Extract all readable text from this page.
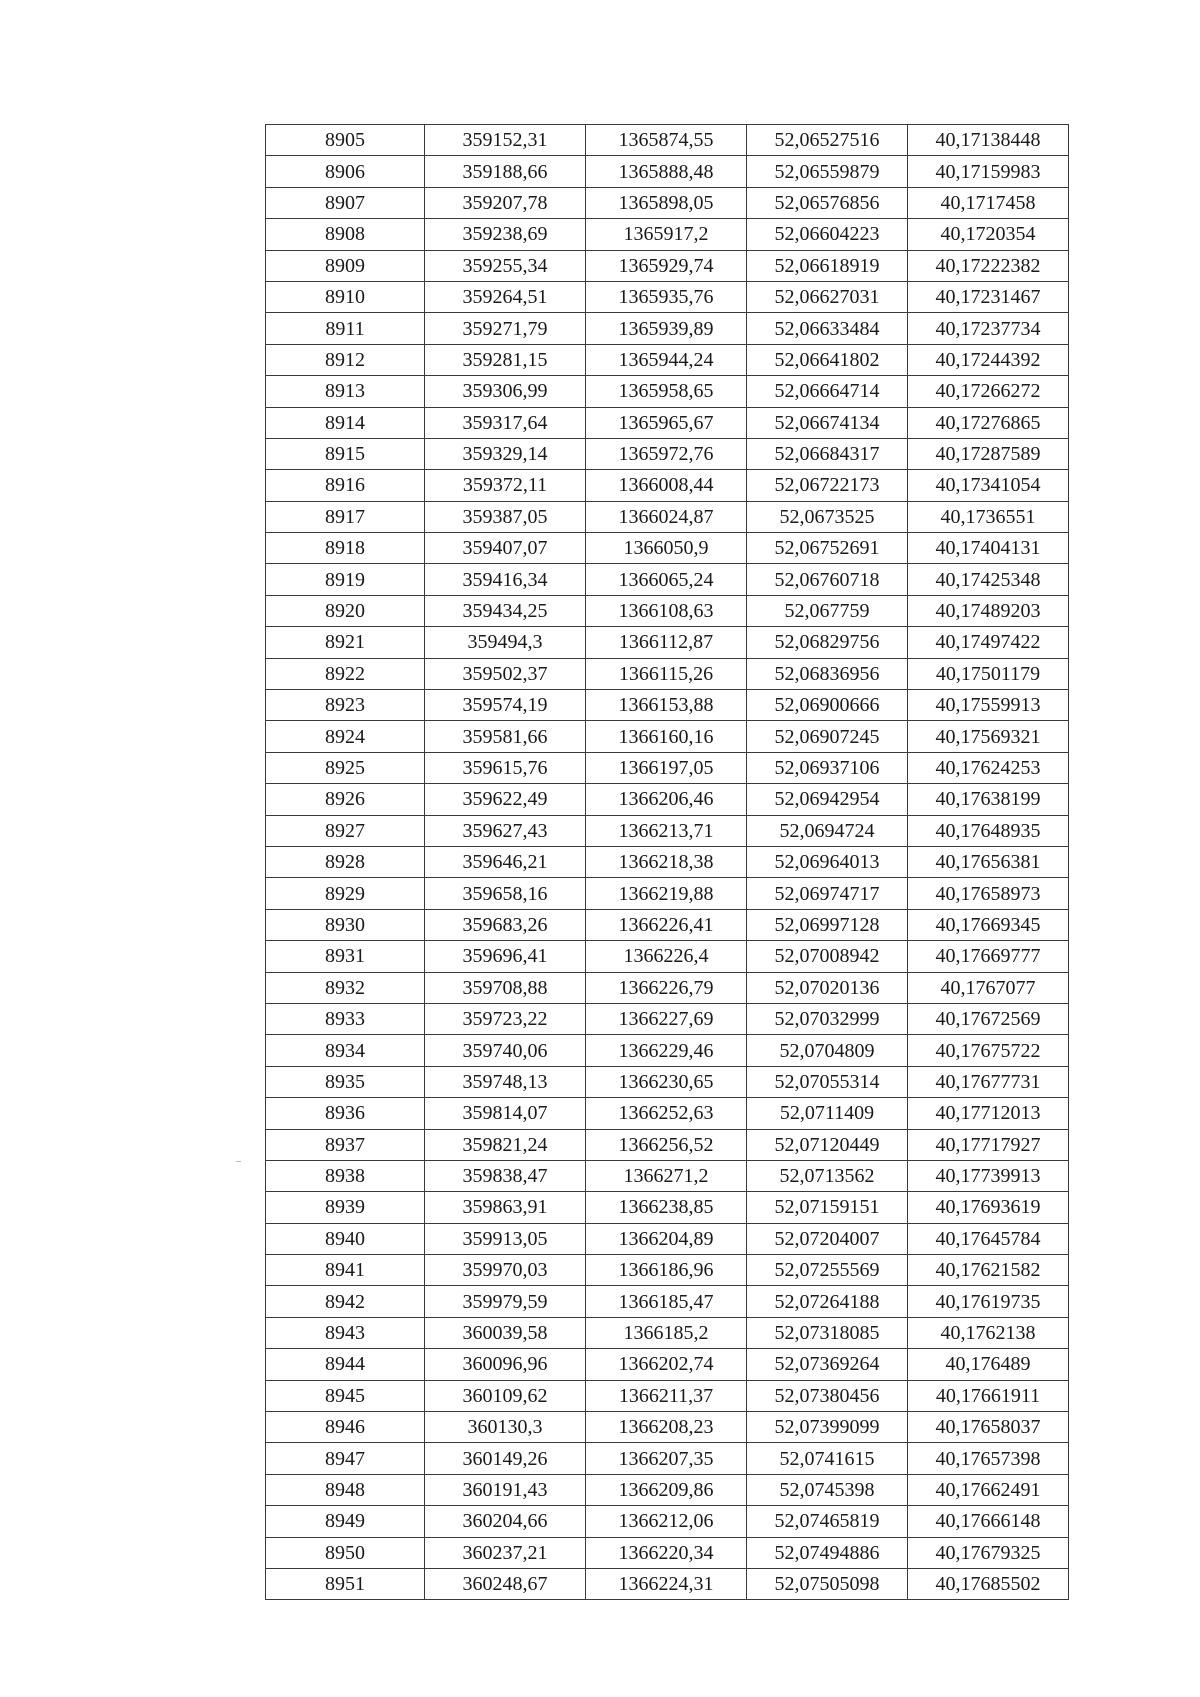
8905	359152,31	1365874,55	52,06527516	40,17138448
8906	359188,66	1365888,48	52,06559879	40,17159983
8907	359207,78	1365898,05	52,06576856	40,1717458
8908	359238,69	1365917,2	52,06604223	40,1720354
8909	359255,34	1365929,74	52,06618919	40,17222382
8910	359264,51	1365935,76	52,06627031	40,17231467
8911	359271,79	1365939,89	52,06633484	40,17237734
8912	359281,15	1365944,24	52,06641802	40,17244392
8913	359306,99	1365958,65	52,06664714	40,17266272
8914	359317,64	1365965,67	52,06674134	40,17276865
8915	359329,14	1365972,76	52,06684317	40,17287589
8916	359372,11	1366008,44	52,06722173	40,17341054
8917	359387,05	1366024,87	52,0673525	40,1736551
8918	359407,07	1366050,9	52,06752691	40,17404131
8919	359416,34	1366065,24	52,06760718	40,17425348
8920	359434,25	1366108,63	52,067759	40,17489203
8921	359494,3	1366112,87	52,06829756	40,17497422
8922	359502,37	1366115,26	52,06836956	40,17501179
8923	359574,19	1366153,88	52,06900666	40,17559913
8924	359581,66	1366160,16	52,06907245	40,17569321
8925	359615,76	1366197,05	52,06937106	40,17624253
8926	359622,49	1366206,46	52,06942954	40,17638199
8927	359627,43	1366213,71	52,0694724	40,17648935
8928	359646,21	1366218,38	52,06964013	40,17656381
8929	359658,16	1366219,88	52,06974717	40,17658973
8930	359683,26	1366226,41	52,06997128	40,17669345
8931	359696,41	1366226,4	52,07008942	40,17669777
8932	359708,88	1366226,79	52,07020136	40,1767077
8933	359723,22	1366227,69	52,07032999	40,17672569
8934	359740,06	1366229,46	52,0704809	40,17675722
8935	359748,13	1366230,65	52,07055314	40,17677731
8936	359814,07	1366252,63	52,0711409	40,17712013
8937	359821,24	1366256,52	52,07120449	40,17717927
8938	359838,47	1366271,2	52,0713562	40,17739913
8939	359863,91	1366238,85	52,07159151	40,17693619
8940	359913,05	1366204,89	52,07204007	40,17645784
8941	359970,03	1366186,96	52,07255569	40,17621582
8942	359979,59	1366185,47	52,07264188	40,17619735
8943	360039,58	1366185,2	52,07318085	40,1762138
8944	360096,96	1366202,74	52,07369264	40,176489
8945	360109,62	1366211,37	52,07380456	40,17661911
8946	360130,3	1366208,23	52,07399099	40,17658037
8947	360149,26	1366207,35	52,0741615	40,17657398
8948	360191,43	1366209,86	52,0745398	40,17662491
8949	360204,66	1366212,06	52,07465819	40,17666148
8950	360237,21	1366220,34	52,07494886	40,17679325
8951	360248,67	1366224,31	52,07505098	40,17685502
